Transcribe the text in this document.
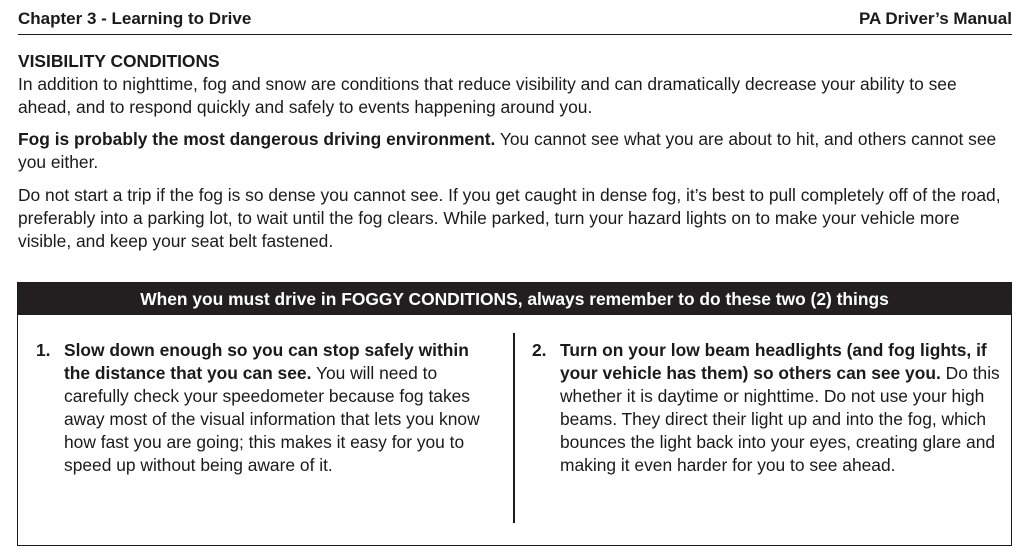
Chapter 3 - Learning to Drive	PA Driver’s Manual
VISIBILITY CONDITIONS

In addition to nighttime, fog and snow are conditions that reduce visibility and can dramatically decrease your ability to see ahead, and to respond quickly and safely to events happening around you.

Fog is probably the most dangerous driving environment. You cannot see what you are about to hit, and others cannot see you either.

Do not start a trip if the fog is so dense you cannot see. If you get caught in dense fog, it’s best to pull completely off of the road, preferably into a parking lot, to wait until the fog clears. While parked, turn your hazard lights on to make your vehicle more visible, and keep your seat belt fastened.

When you must drive in FOGGY CONDITIONS, always remember to do these two (2) things
1. Slow down enough so you can stop safely within the distance that you can see. You will need to carefully check your speedometer because fog takes away most of the visual information that lets you know how fast you are going; this makes it easy for you to speed up without being aware of it.
2. Turn on your low beam headlights (and fog lights, if your vehicle has them) so others can see you. Do this whether it is daytime or nighttime. Do not use your high beams. They direct their light up and into the fog, which bounces the light back into your eyes, creating glare and making it even harder for you to see ahead.
